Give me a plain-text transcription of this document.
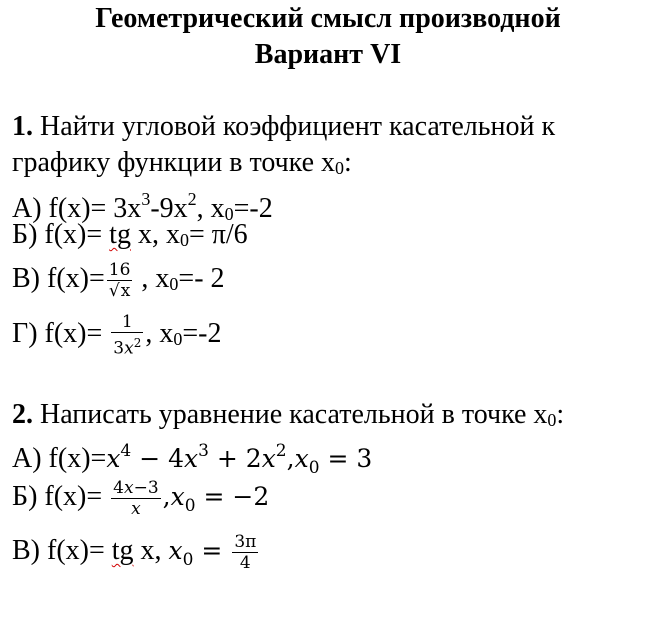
Геометрический смысл производной
Вариант VI
1. Найти угловой коэффициент касательной к
графику функции в точке x0:
А) $f(x)= 3x^3-9x^2$, x0=-2
Б) f(x)= tg x, x0= π/6
В) $f(x)= \frac{16}{√x}$ , x0=- 2
Г) $f(x)= \frac{1}{3x^2}$ , x0=-2
2. Написать уравнение касательной в точке x0:
А) $f(x)=x^4 - 4x^3 + 2x^2,x_0 = 3$
Б) $f(x)= \frac{4x-3}{x} ,x_0 = -2$
В) f(x)= tg x, $x_0 = \frac{3\pi}{4}$
